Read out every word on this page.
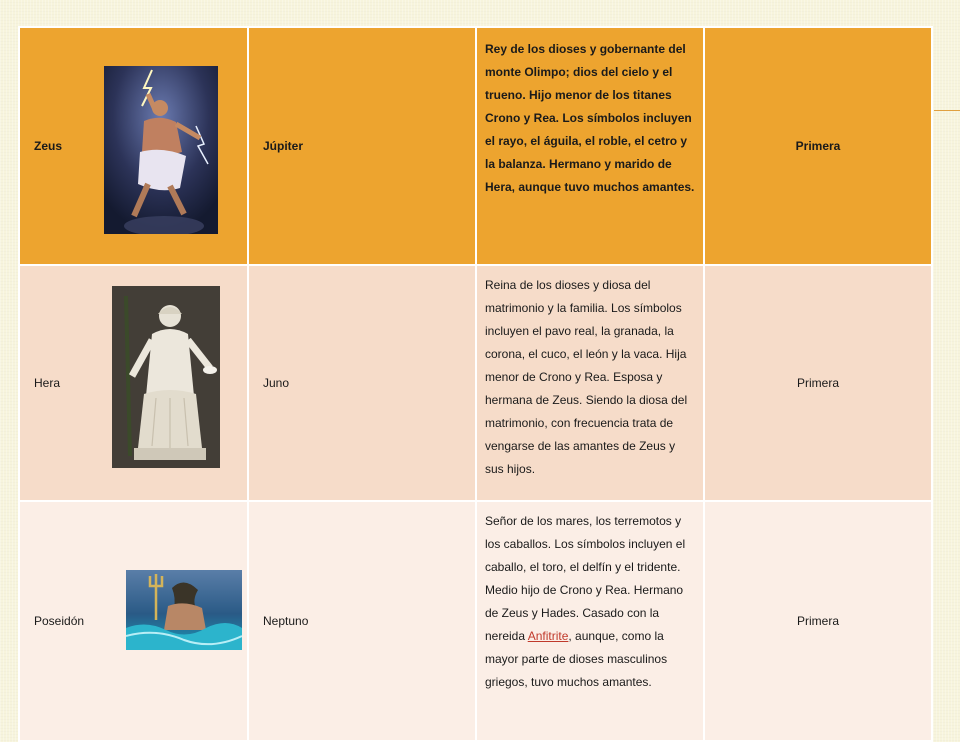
Zeus	Júpiter	Rey de los dioses y gobernante del monte Olimpo; dios del cielo y el trueno. Hijo menor de los titanes Crono y Rea. Los símbolos incluyen el rayo, el águila, el roble, el cetro y la balanza. Hermano y marido de Hera, aunque tuvo muchos amantes.	Primera
Hera	Juno	Reina de los dioses y diosa del matrimonio y la familia. Los símbolos incluyen el pavo real, la granada, la corona, el cuco, el león y la vaca. Hija menor de Crono y Rea. Esposa y hermana de Zeus. Siendo la diosa del matrimonio, con frecuencia trata de vengarse de las amantes de Zeus y sus hijos.	Primera
Poseidón	Neptuno	Señor de los mares, los terremotos y los caballos. Los símbolos incluyen el caballo, el toro, el delfín y el tridente. Medio hijo de Crono y Rea. Hermano de Zeus y Hades. Casado con la nereida Anfitrite, aunque, como la mayor parte de dioses masculinos griegos, tuvo muchos amantes.	Primera
